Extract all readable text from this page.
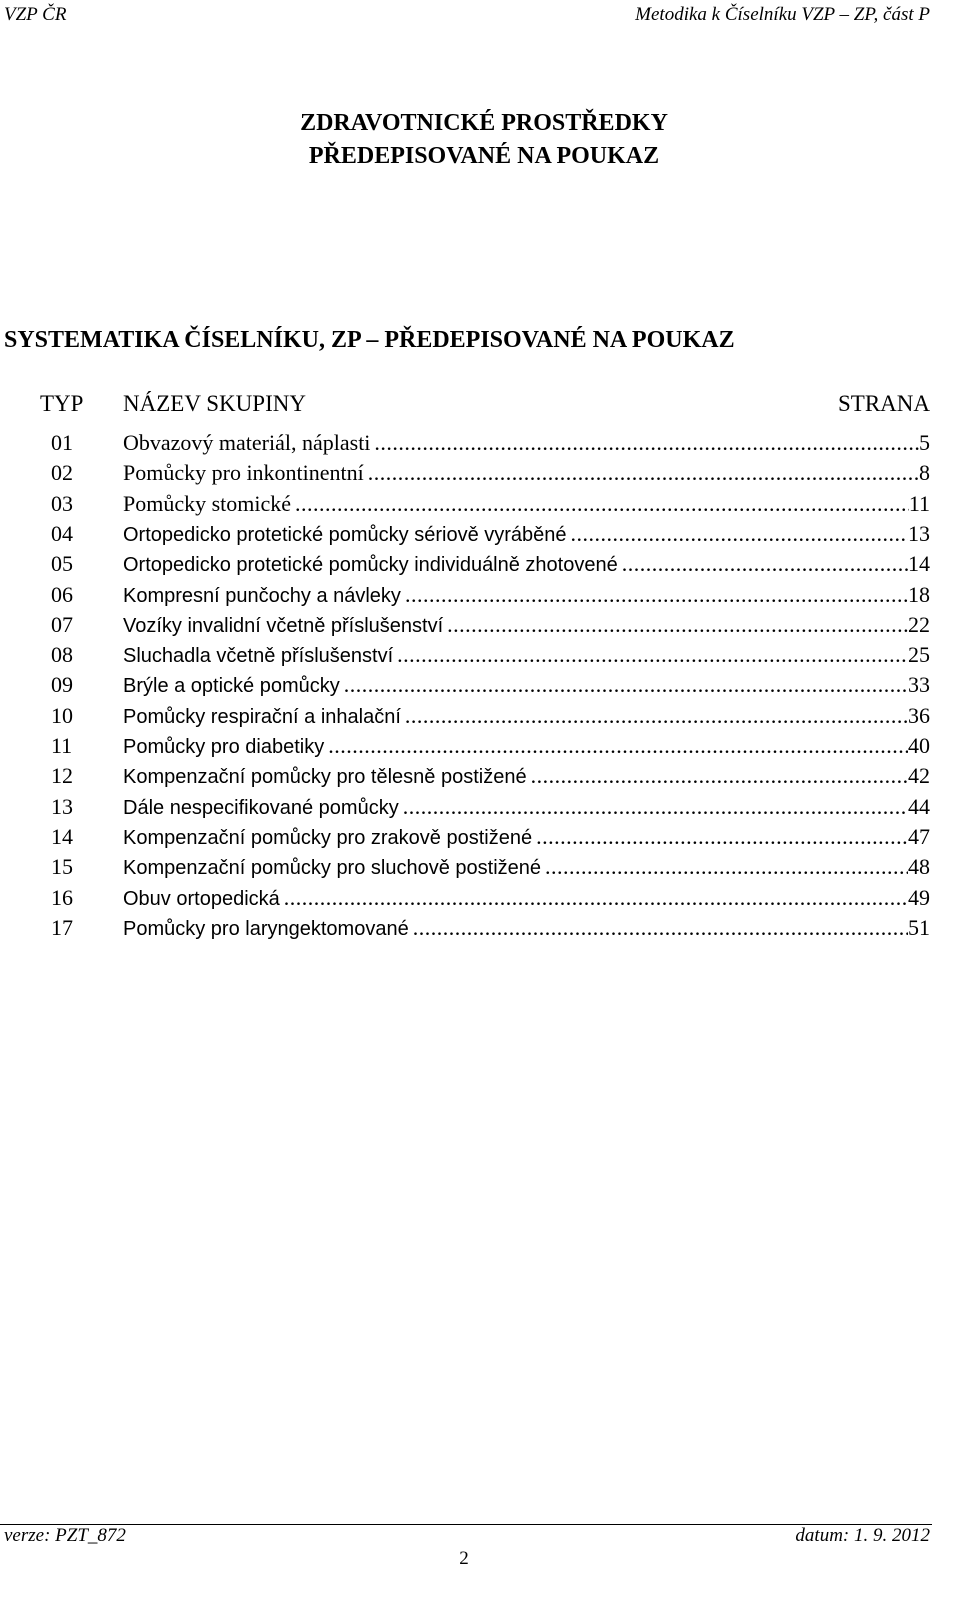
VZP ČR	Metodika k Číselníku VZP – ZP, část P
ZDRAVOTNICKÉ PROSTŘEDKY
PŘEDEPISOVANÉ NA POUKAZ
SYSTEMATIKA ČÍSELNÍKU, ZP – PŘEDEPISOVANÉ NA POUKAZ
TYP NÁZEV SKUPINY	STRANA
01	Obvazový materiál, náplasti .....	5
02	Pomůcky pro inkontinentní .....	8
03	Pomůcky stomické .....	11
04	Ortopedicko protetické pomůcky sériově vyráběné .....	13
05	Ortopedicko protetické pomůcky individuálně zhotovené .....	14
06	Kompresní punčochy a návleky .....	18
07	Vozíky invalidní včetně příslušenství .....	22
08	Sluchadla včetně příslušenství .....	25
09	Brýle a optické pomůcky .....	33
10	Pomůcky respirační a inhalační .....	36
11	Pomůcky pro diabetiky .....	40
12	Kompenzační pomůcky pro tělesně postižené .....	42
13	Dále nespecifikované pomůcky .....	44
14	Kompenzační pomůcky pro zrakově postižené .....	47
15	Kompenzační pomůcky pro sluchově postižené .....	48
16	Obuv ortopedická .....	49
17	Pomůcky pro laryngektomované .....	51
verze: PZT_872	datum: 1. 9. 2012
2
